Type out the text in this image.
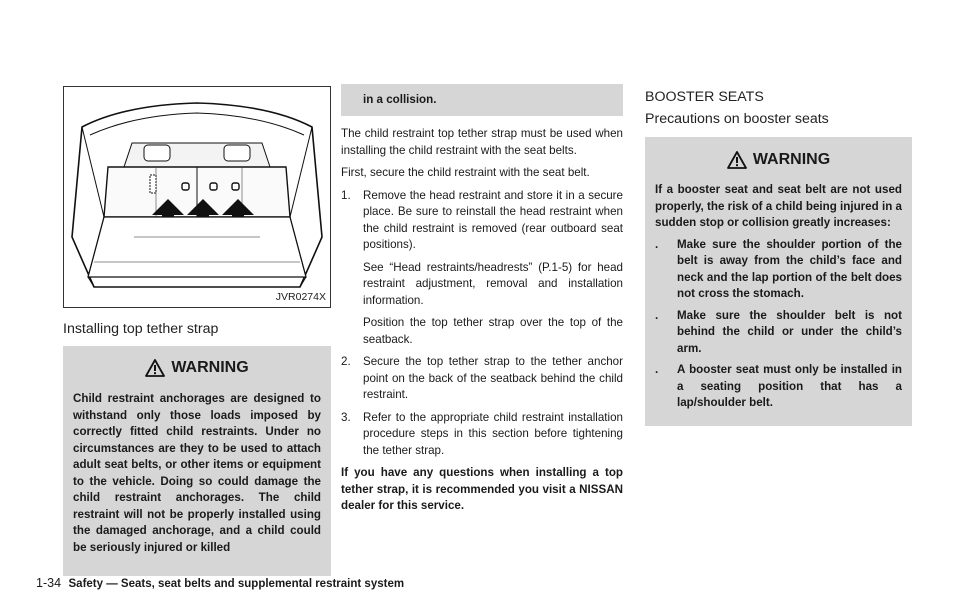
JVR0274X
Installing top tether strap
WARNING
Child restraint anchorages are designed to withstand only those loads imposed by correctly fitted child restraints. Under no circumstances are they to be used to attach adult seat belts, or other items or equipment to the vehicle. Doing so could damage the child restraint anchorages. The child restraint will not be properly installed using the damaged anchorage, and a child could be seriously injured or killed
in a collision.

The child restraint top tether strap must be used when installing the child restraint with the seat belts.

First, secure the child restraint with the seat belt.

1.	Remove the head restraint and store it in a secure place. Be sure to reinstall the head restraint when the child restraint is removed (rear outboard seat positions).

See “Head restraints/headrests” (P.1-5) for head restraint adjustment, removal and installation information.

Position the top tether strap over the top of the seatback.

2.	Secure the top tether strap to the tether anchor point on the back of the seatback behind the child restraint.
3.	Refer to the appropriate child restraint installation procedure steps in this section before tightening the tether strap.

If you have any questions when installing a top tether strap, it is recommended you visit a NISSAN dealer for this service.

BOOSTER SEATS
Precautions on booster seats
WARNING
If a booster seat and seat belt are not used properly, the risk of a child being injured in a sudden stop or collision greatly increases:
.	Make sure the shoulder portion of the belt is away from the child’s face and neck and the lap portion of the belt does not cross the stomach.
.	Make sure the shoulder belt is not behind the child or under the child’s arm.
.	A booster seat must only be installed in a seating position that has a lap/shoulder belt.
1-34 Safety — Seats, seat belts and supplemental restraint system
